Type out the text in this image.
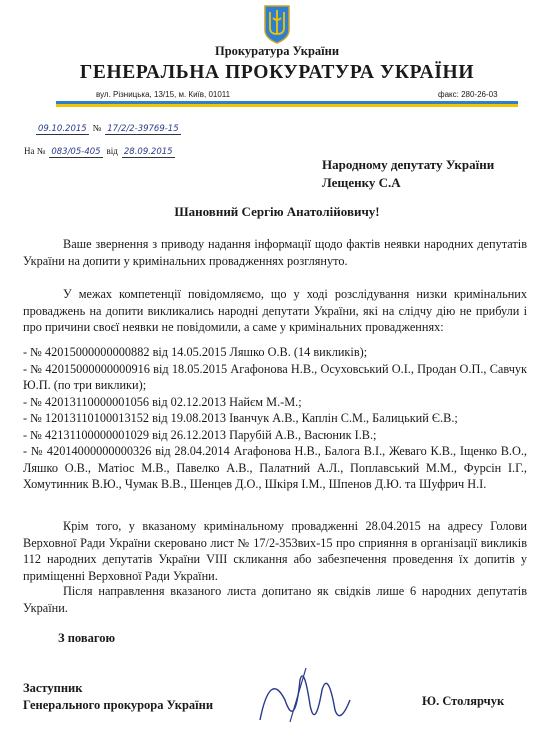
Прокуратура України
ГЕНЕРАЛЬНА ПРОКУРАТУРА УКРАЇНИ
вул. Різницька, 13/15, м. Київ, 01011	факс: 280-26-03
09.10.2015 № 17/2/2-39769-15
На № 083/05-405 від 28.09.2015
Народному депутату України
Лещенку С.А
Шановний Сергію Анатолійовичу!
Ваше звернення з приводу надання інформації щодо фактів неявки народних депутатів України на допити у кримінальних провадженнях розглянуто.
У межах компетенції повідомляємо, що у ході розслідування низки кримінальних проваджень на допити викликались народні депутати України, які на слідчу дію не прибули і про причини своєї неявки не повідомили, а саме у кримінальних провадженнях:
- № 42015000000000882 від 14.05.2015 Ляшко О.В. (14 викликів);
- № 42015000000000916 від 18.05.2015 Агафонова Н.В., Осуховський О.І., Продан О.П., Савчук Ю.П. (по три виклики);
- № 42013110000001056 від 02.12.2013 Найєм М.-М.;
- № 12013110100013152 від 19.08.2013 Іванчук А.В., Каплін С.М., Балицький Є.В.;
- № 42131100000001029 від 26.12.2013 Парубій А.В., Васюник І.В.;
- № 42014000000000326 від 28.04.2014 Агафонова Н.В., Балога В.І., Жеваго К.В., Іщенко В.О., Ляшко О.В., Матіос М.В., Павелко А.В., Палатний А.Л., Поплавський М.М., Фурсін І.Г., Хомутинник В.Ю., Чумак В.В., Шенцев Д.О., Шкіря І.М., Шпенов Д.Ю. та Шуфрич Н.І.
Крім того, у вказаному кримінальному провадженні 28.04.2015 на адресу Голови Верховної Ради України скеровано лист № 17/2-353вих-15 про сприяння в організації викликів 112 народних депутатів України VIII скликання або забезпечення проведення їх допитів у приміщенні Верховної Ради України.
Після направлення вказаного листа допитано як свідків лише 6 народних депутатів України.
З повагою
Заступник
Генерального прокурора України	Ю. Столярчук
